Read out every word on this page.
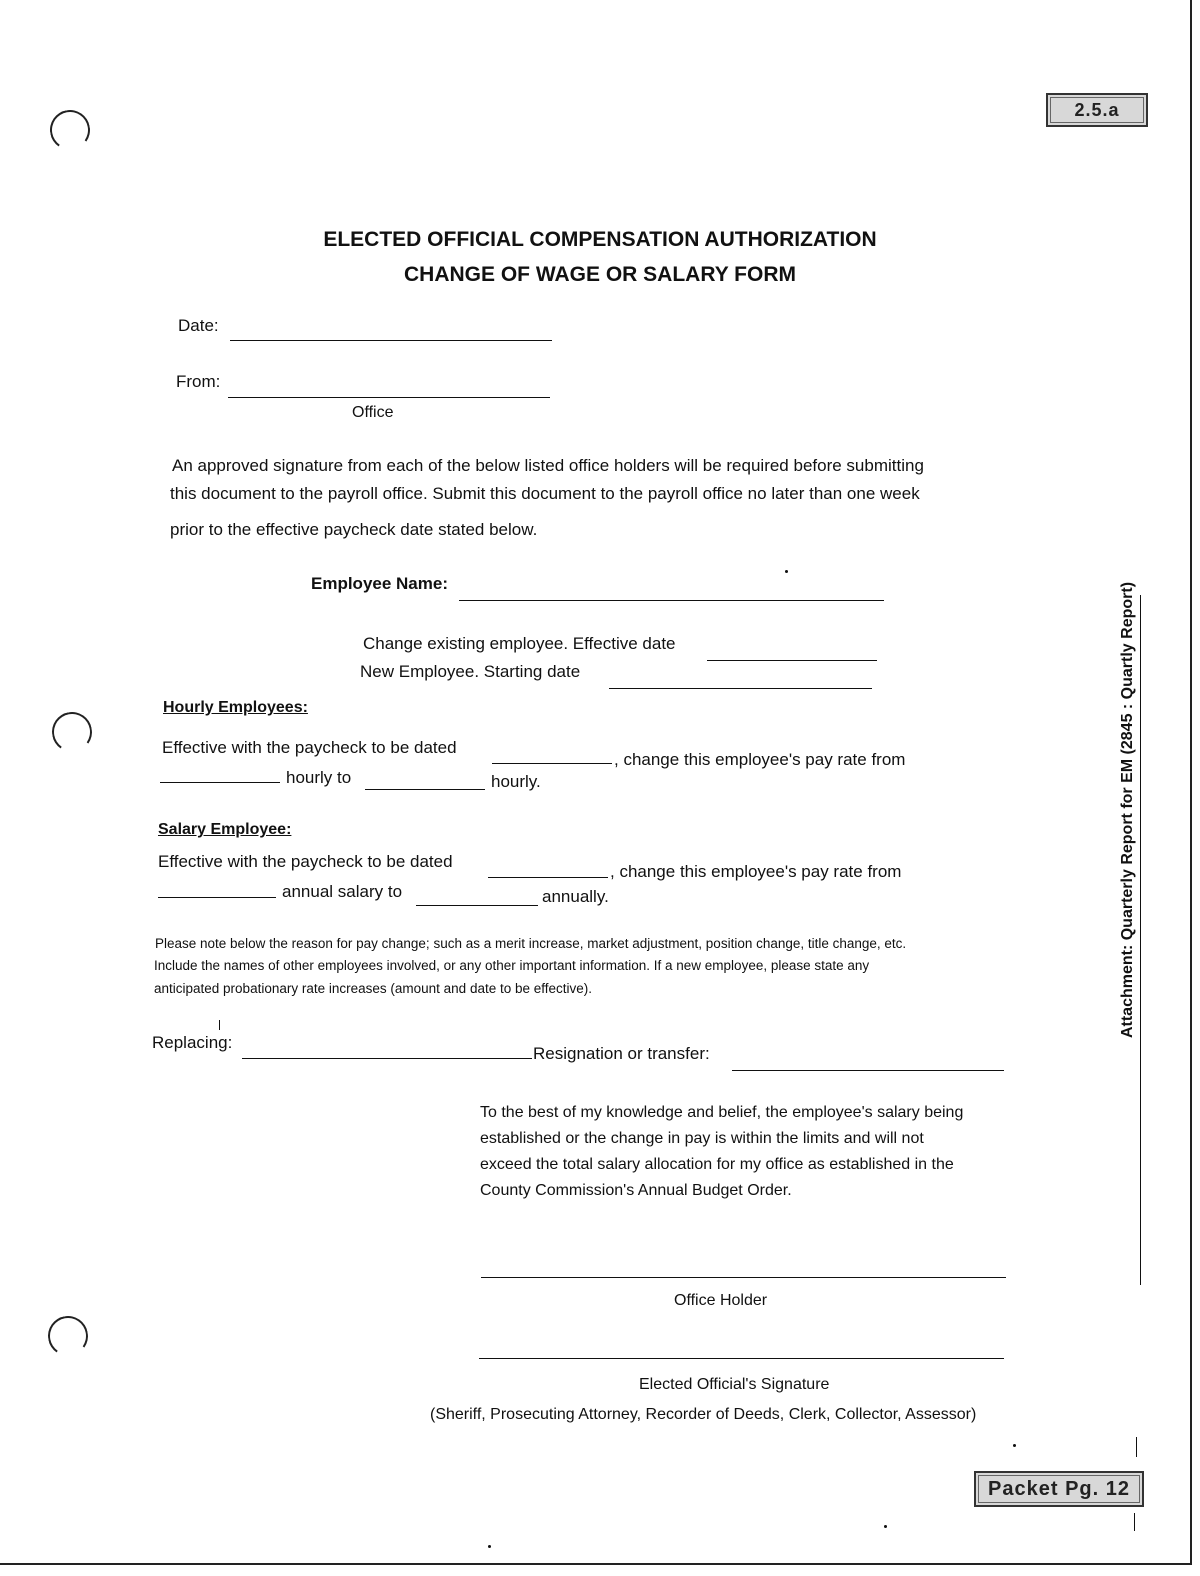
2.5.a
Packet Pg. 12
ELECTED OFFICIAL COMPENSATION AUTHORIZATION
CHANGE OF WAGE OR SALARY FORM
Date:
From:
Office
An approved signature from each of the below listed office holders will be required before submitting
this document to the payroll office. Submit this document to the payroll office no later than one week
prior to the effective paycheck date stated below.
Employee Name:
Change existing employee. Effective date
New Employee. Starting date
Hourly Employees:
Effective with the paycheck to be dated
, change this employee's pay rate from
hourly to	hourly.
Salary Employee:
Effective with the paycheck to be dated
, change this employee's pay rate from
annual salary to	annually.
Please note below the reason for pay change; such as a merit increase, market adjustment, position change, title change, etc.
Include the names of other employees involved, or any other important information. If a new employee, please state any
anticipated probationary rate increases (amount and date to be effective).
Replacing:
Resignation or transfer:
To the best of my knowledge and belief, the employee's salary being
established or the change in pay is within the limits and will not
exceed the total salary allocation for my office as established in the
County Commission's Annual Budget Order.
Office Holder
Elected Official's Signature
(Sheriff, Prosecuting Attorney, Recorder of Deeds, Clerk, Collector, Assessor)
Attachment: Quarterly Report for EM (2845 : Quartly Report)
